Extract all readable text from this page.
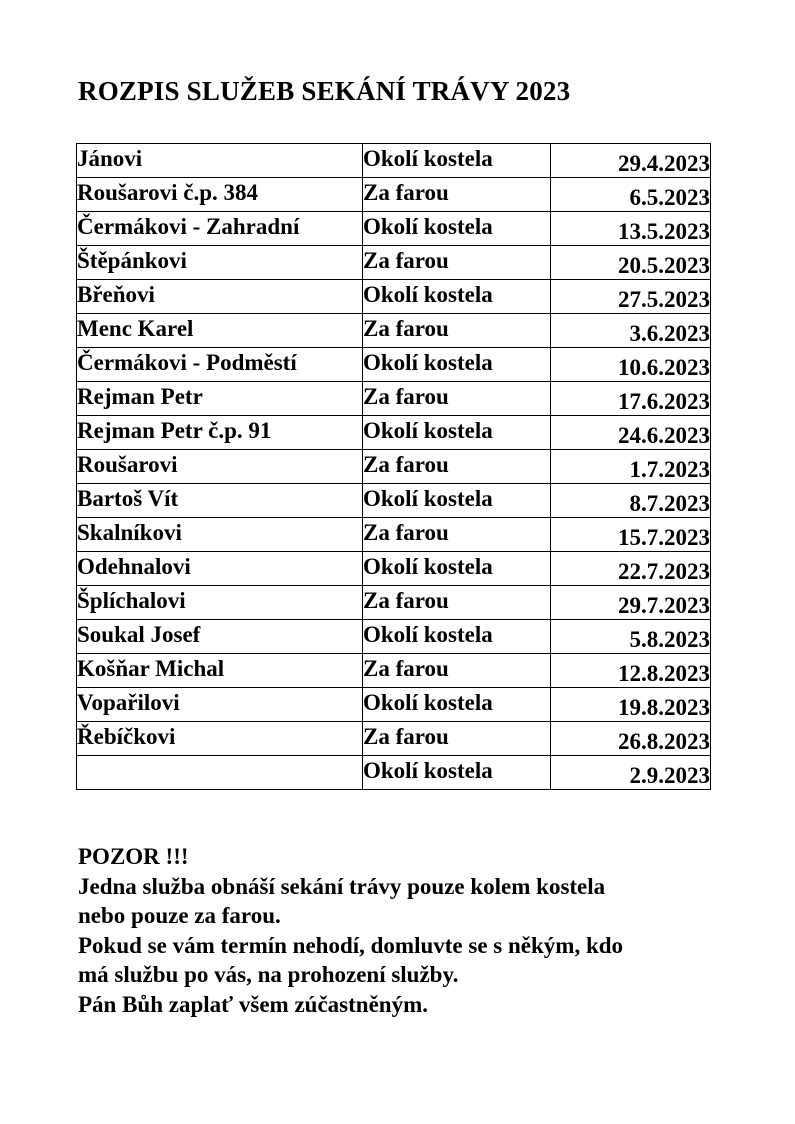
ROZPIS SLUŽEB SEKÁNÍ TRÁVY 2023
Jánovi	Okolí kostela	29.4.2023
Roušarovi č.p. 384	Za farou	6.5.2023
Čermákovi - Zahradní	Okolí kostela	13.5.2023
Štěpánkovi	Za farou	20.5.2023
Břeňovi	Okolí kostela	27.5.2023
Menc Karel	Za farou	3.6.2023
Čermákovi - Podměstí	Okolí kostela	10.6.2023
Rejman Petr	Za farou	17.6.2023
Rejman Petr č.p. 91	Okolí kostela	24.6.2023
Roušarovi	Za farou	1.7.2023
Bartoš Vít	Okolí kostela	8.7.2023
Skalníkovi	Za farou	15.7.2023
Odehnalovi	Okolí kostela	22.7.2023
Šplíchalovi	Za farou	29.7.2023
Soukal Josef	Okolí kostela	5.8.2023
Košňar Michal	Za farou	12.8.2023
Vopařilovi	Okolí kostela	19.8.2023
Řebíčkovi	Za farou	26.8.2023
	Okolí kostela	2.9.2023
POZOR !!!
Jedna služba obnáší sekání trávy pouze kolem kostela
nebo pouze za farou.
Pokud se vám termín nehodí, domluvte se s někým, kdo
má službu po vás, na prohození služby.
Pán Bůh zaplať všem zúčastněným.
